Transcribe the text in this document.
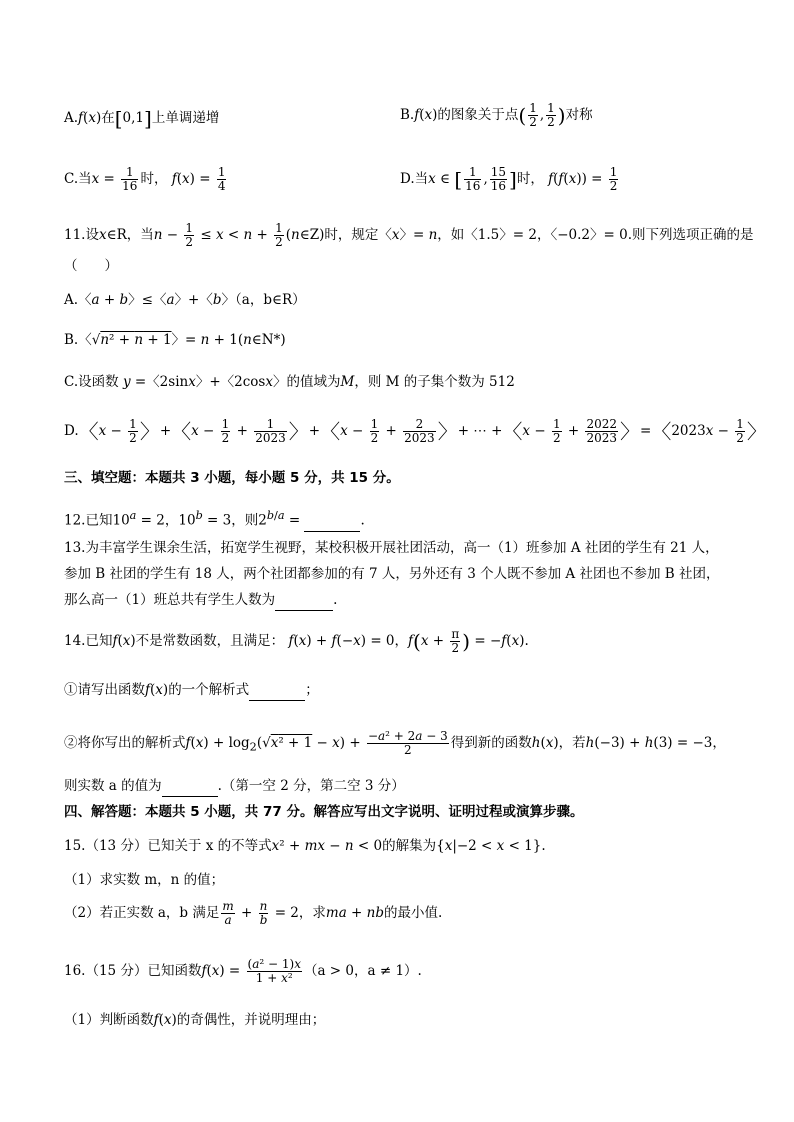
A.f(x)在[0,1]上单调递增	B.f(x)的图象关于点( $\frac{1}{2}$ , $\frac{1}{2}$ )对称
C.当$x = \frac{1}{16}$ 时， $f(x) = \frac{1}{4}$	D.当x ∈ [ $\frac{1}{16}$ , $\frac{15}{16}$ ]时， $f(f(x)) = \frac{1}{2}$
11.设x∈R，当$n - \frac{1}{2} \le x < n + \frac{1}{2}$ (n∈Z)时，规定〈x〉= n，如〈1.5〉= 2，〈−0.2〉= 0.则下列选项正确的是
（　　）
A.〈a + b〉≤〈a〉+〈b〉（a，b∈R）
B.〈√n² + n + 1〉= n + 1(n∈N*)
C.设函数 y =〈2sinx〉+〈2cosx〉的值域为M，则 M 的子集个数为 512
D.〈$x - \frac{1}{2}$ 〉+〈$x - \frac{1}{2} + \frac{1}{2023}$ 〉+〈$x - \frac{1}{2} + \frac{2}{2023}$ 〉+ ⋯ +〈$x - \frac{1}{2} + \frac{2022}{2023}$ 〉=〈$2023x - \frac{1}{2}$ 〉
三、填空题：本题共 3 小题，每小题 5 分，共 15 分。
12.已知$10^a = 2$，$10^b = 3$，则$2^{b/a}$ =	.
13.为丰富学生课余生活，拓宽学生视野，某校积极开展社团活动，高一（1）班参加 A 社团的学生有 21 人，
参加 B 社团的学生有 18 人，两个社团都参加的有 7 人，另外还有 3 个人既不参加 A 社团也不参加 B 社团，
那么高一（1）班总共有学生人数为	.
14.已知f(x)不是常数函数，且满足： f(x) + f(−x) = 0，$f(x + \frac{\pi}{2}$ ) = −f(x).
①请写出函数f(x)的一个解析式	；
②将你写出的解析式$f(x) + \log_2(√x^2 + 1 - x) + \frac{\text{−a² + 2a − 3}}{2}$ 得到新的函数h(x)，若h(−3) + h(3) = −3，
则实数 a 的值为	.（第一空 2 分，第二空 3 分）
四、解答题：本题共 5 小题，共 77 分。解答应写出文字说明、证明过程或演算步骤。
15.（13 分）已知关于 x 的不等式x² + mx − n < 0的解集为{x|−2 < x < 1}.
（1）求实数 m，n 的值；
（2）若正实数 a，b 满足 $\frac{m}{a} + \frac{n}{b} = 2$，求ma + nb的最小值.
16.（15 分）已知函数$f(x) = \frac{\text{(a² − 1)x}}{\text{1 + x²}} (a > 0$，a ≠ 1）.
（1）判断函数f(x)的奇偶性，并说明理由；
